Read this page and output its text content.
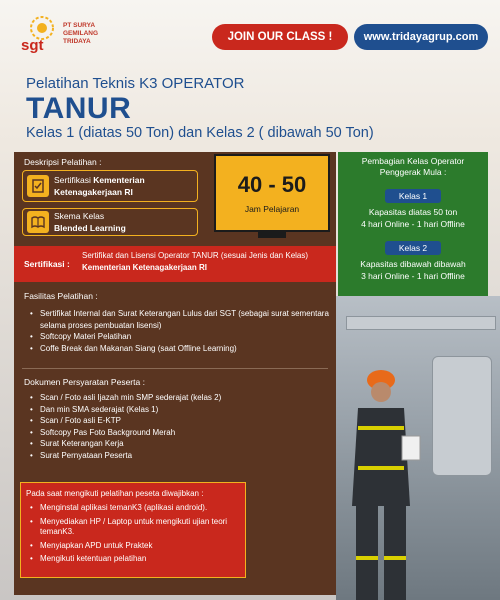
sgt
PT SURYA
GEMILANG
TRIDAYA	JOIN OUR CLASS !	www.tridayagrup.com
Pelatihan Teknis K3 OPERATOR
TANUR
Kelas 1 (diatas 50 Ton) dan Kelas 2 ( dibawah 50 Ton)
Deskripsi Pelatihan :
Sertifikasi Kementerian Ketenagakerjaan RI
Skema Kelas
Blended Learning
40 - 50
Jam Pelajaran
Sertifikasi :
Sertifikat dan Lisensi Operator TANUR (sesuai Jenis dan Kelas) Kementerian Ketenagakerjaan RI
Fasilitas Pelatihan :
• Sertifikat Internal dan Surat Keterangan Lulus dari SGT (sebagai surat sementara selama proses pembuatan lisensi)
• Softcopy Materi Pelatihan
• Coffe Break dan Makanan Siang (saat Offline Learning)
Dokumen Persyaratan Peserta :
• Scan / Foto asli Ijazah min SMP sederajat (kelas 2)
• Dan min SMA sederajat (Kelas 1)
• Scan / Foto asli E-KTP
• Softcopy Pas Foto Background Merah
• Surat Keterangan Kerja
• Surat Pernyataan Peserta
Pembagian Kelas Operator
Penggerak Mula :
Kelas 1
Kapasitas diatas 50 ton
4 hari Online - 1 hari Offline
Kelas 2
Kapasitas dibawah dibawah
3 hari Online - 1 hari Offline
Pada saat mengikuti pelatihan peseta diwajibkan :
• Menginstal aplikasi temanK3 (aplikasi android).
• Menyediakan HP / Laptop untuk mengikuti ujian teori temanK3.
• Menyiapkan APD untuk Praktek
• Mengikuti ketentuan pelatihan
